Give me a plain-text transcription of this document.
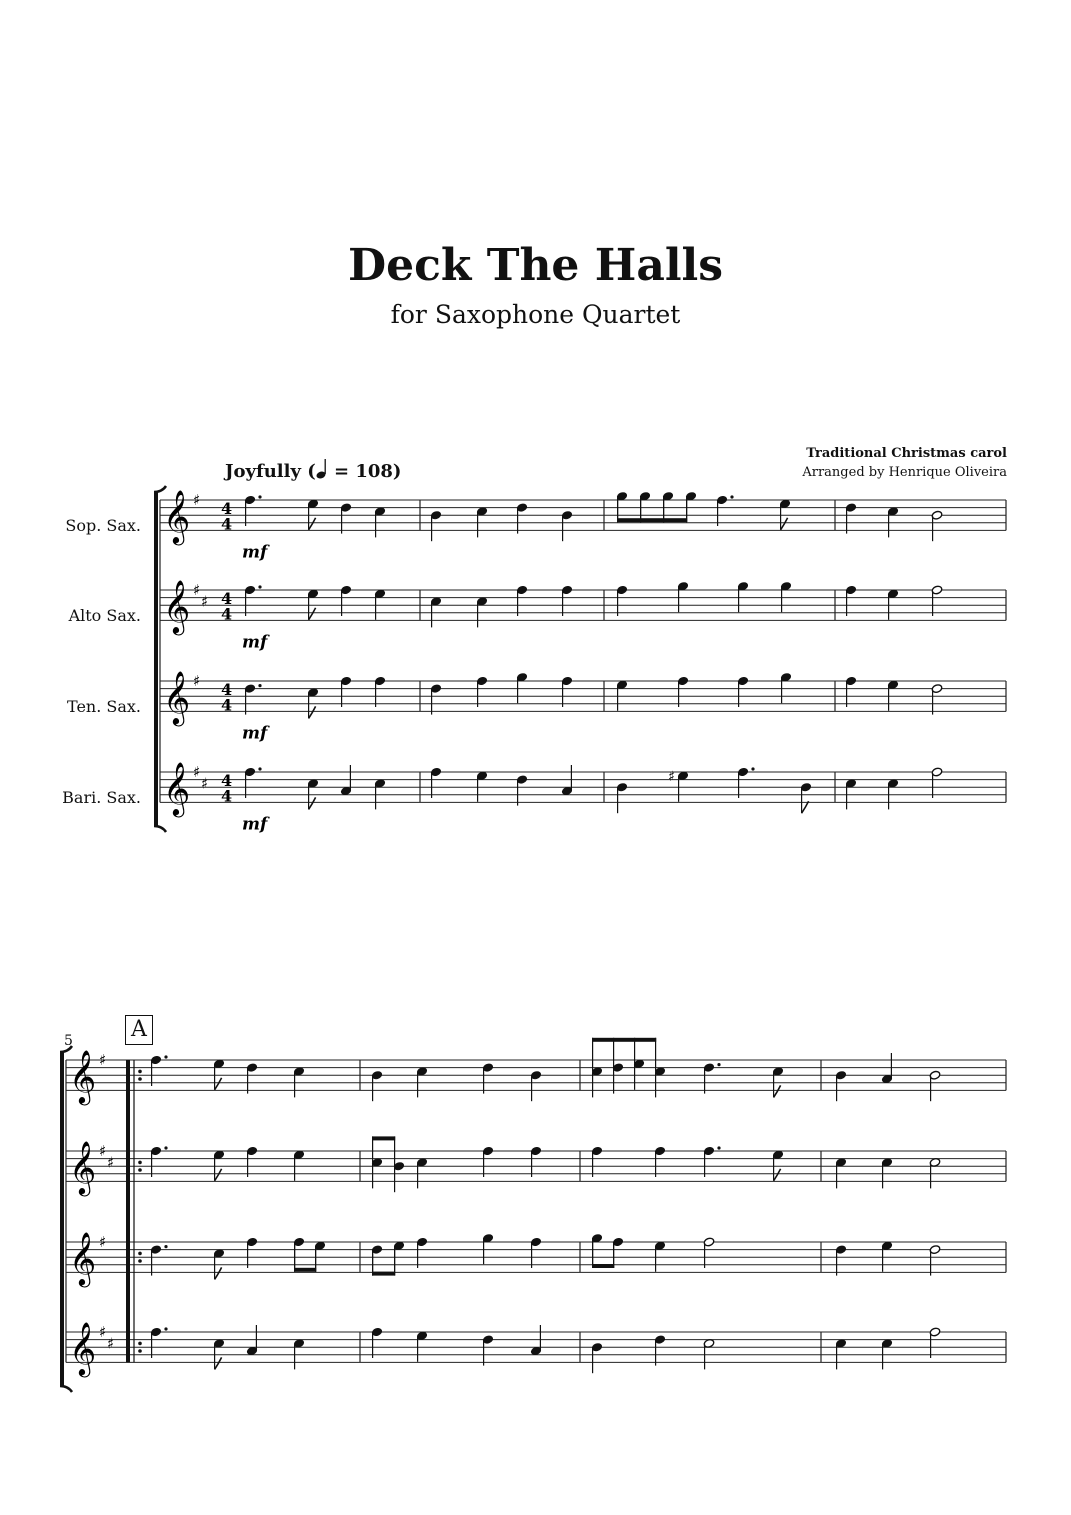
Deck The Halls
for Saxophone Quartet
Traditional Christmas carol
Arranged by Henrique Oliveira
Joyfully ( = 108)
Sop. Sax.
Alto Sax.
Ten. Sax.
Bari. Sax.
5	A
𝄞 ♯ 4
4
𝄞 ♯
♯ 4
4
𝄞 ♯ 4
4
𝄞 ♯
♯ 4
4
mf
mf
mf
mf
♯
𝄞 ♯
𝄞 ♯
♯
𝄞 ♯
𝄞 ♯
♯
